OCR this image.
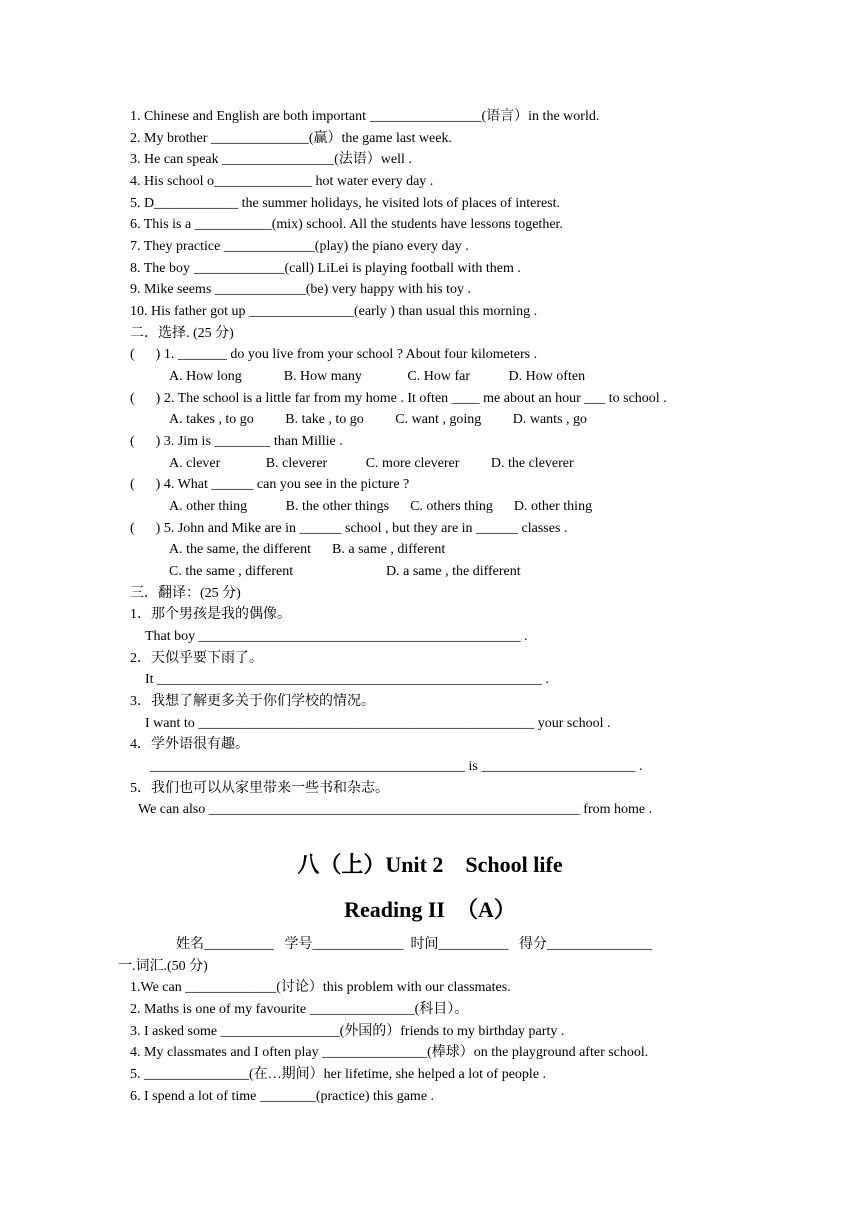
1. Chinese and English are both important ________________(语言）in the world.
2. My brother ______________(赢）the game last week.
3. He can speak ________________(法语）well .
4. His school o______________ hot water every day .
5. D____________ the summer holidays, he visited lots of places of interest.
6. This is a ___________(mix) school. All the students have lessons together.
7. They practice _____________(play) the piano every day .
8. The boy _____________(call) LiLei is playing football with them .
9. Mike seems _____________(be) very happy with his toy .
10. His father got up _______________(early ) than usual this morning .
二．选择. (25 分)
(      ) 1. _______ do you live from your school ? About four kilometers .
A. How long            B. How many             C. How far           D. How often
(      ) 2. The school is a little far from my home . It often ____ me about an hour ___ to school .
A. takes , to go         B. take , to go         C. want , going         D. wants , go
(      ) 3. Jim is ________ than Millie .
A. clever             B. cleverer           C. more cleverer         D. the cleverer
(      ) 4. What ______ can you see in the picture ?
A. other thing           B. the other things      C. others thing      D. other thing
(      ) 5. John and Mike are in ______ school , but they are in ______ classes .
A. the same, the different      B. a same , different
C. the same , different	D. a same , the different
三．翻译：(25 分)
1．那个男孩是我的偶像。
That boy ______________________________________________ .
2．天似乎要下雨了。
It _______________________________________________________ .
3．我想了解更多关于你们学校的情况。
I want to ________________________________________________ your school .
4．学外语很有趣。
_____________________________________________ is ______________________ .
5．我们也可以从家里带来一些书和杂志。
We can also _____________________________________________________ from home .
八（上）Unit 2    School life
Reading II  （A）
姓名__________   学号_____________  时间__________   得分_______________
一.词汇.(50 分)
1.We can _____________(讨论）this problem with our classmates.
2. Maths is one of my favourite _______________(科目）。
3. I asked some _________________(外国的）friends to my birthday party .
4. My classmates and I often play _______________(棒球）on the playground after school.
5. _______________(在…期间）her lifetime, she helped a lot of people .
6. I spend a lot of time ________(practice) this game .
